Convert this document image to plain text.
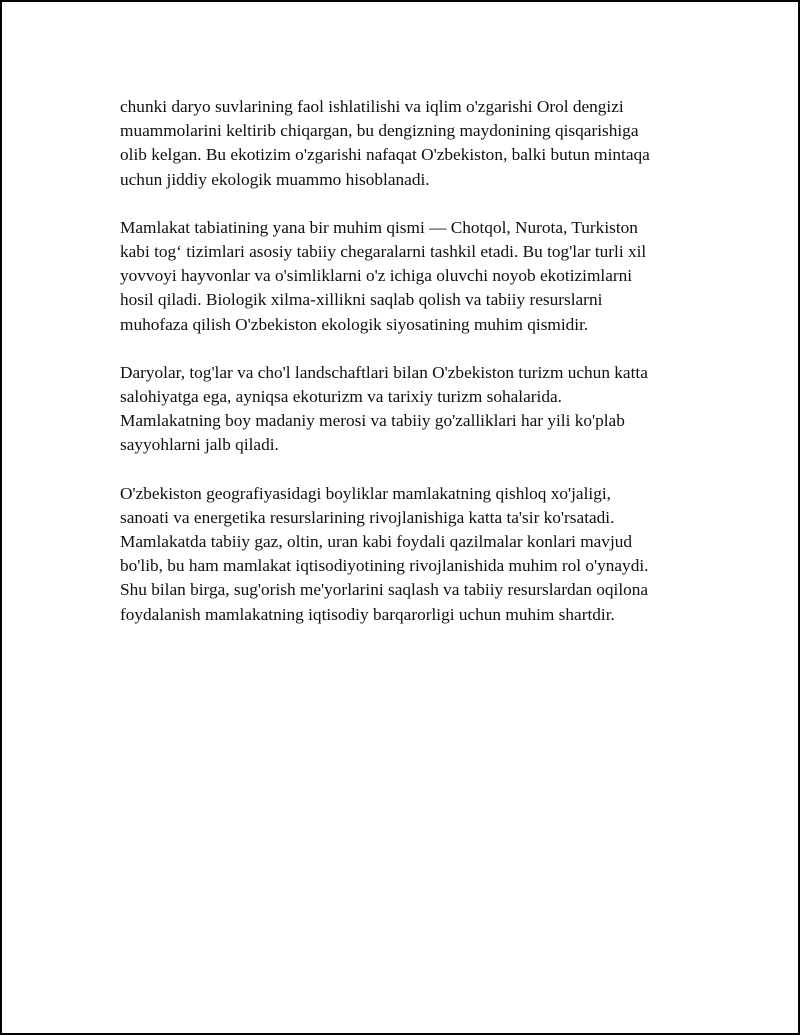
chunki daryo suvlarining faol ishlatilishi va iqlim o'zgarishi Orol dengizi
muammolarini keltirib chiqargan, bu dengizning maydonining qisqarishiga
olib kelgan. Bu ekotizim o'zgarishi nafaqat O'zbekiston, balki butun mintaqa
uchun jiddiy ekologik muammo hisoblanadi.

Mamlakat tabiatining yana bir muhim qismi — Chotqol, Nurota, Turkiston
kabi tog‘ tizimlari asosiy tabiiy chegaralarni tashkil etadi. Bu tog'lar turli xil
yovvoyi hayvonlar va o'simliklarni o'z ichiga oluvchi noyob ekotizimlarni
hosil qiladi. Biologik xilma-xillikni saqlab qolish va tabiiy resurslarni
muhofaza qilish O'zbekiston ekologik siyosatining muhim qismidir.

Daryolar, tog'lar va cho'l landschaftlari bilan O'zbekiston turizm uchun katta
salohiyatga ega, ayniqsa ekoturizm va tarixiy turizm sohalarida.
Mamlakatning boy madaniy merosi va tabiiy go'zalliklari har yili ko'plab
sayyohlarni jalb qiladi.

O'zbekiston geografiyasidagi boyliklar mamlakatning qishloq xo'jaligi,
sanoati va energetika resurslarining rivojlanishiga katta ta'sir ko'rsatadi.
Mamlakatda tabiiy gaz, oltin, uran kabi foydali qazilmalar konlari mavjud
bo'lib, bu ham mamlakat iqtisodiyotining rivojlanishida muhim rol o'ynaydi.
Shu bilan birga, sug'orish me'yorlarini saqlash va tabiiy resurslardan oqilona
foydalanish mamlakatning iqtisodiy barqarorligi uchun muhim shartdir.
